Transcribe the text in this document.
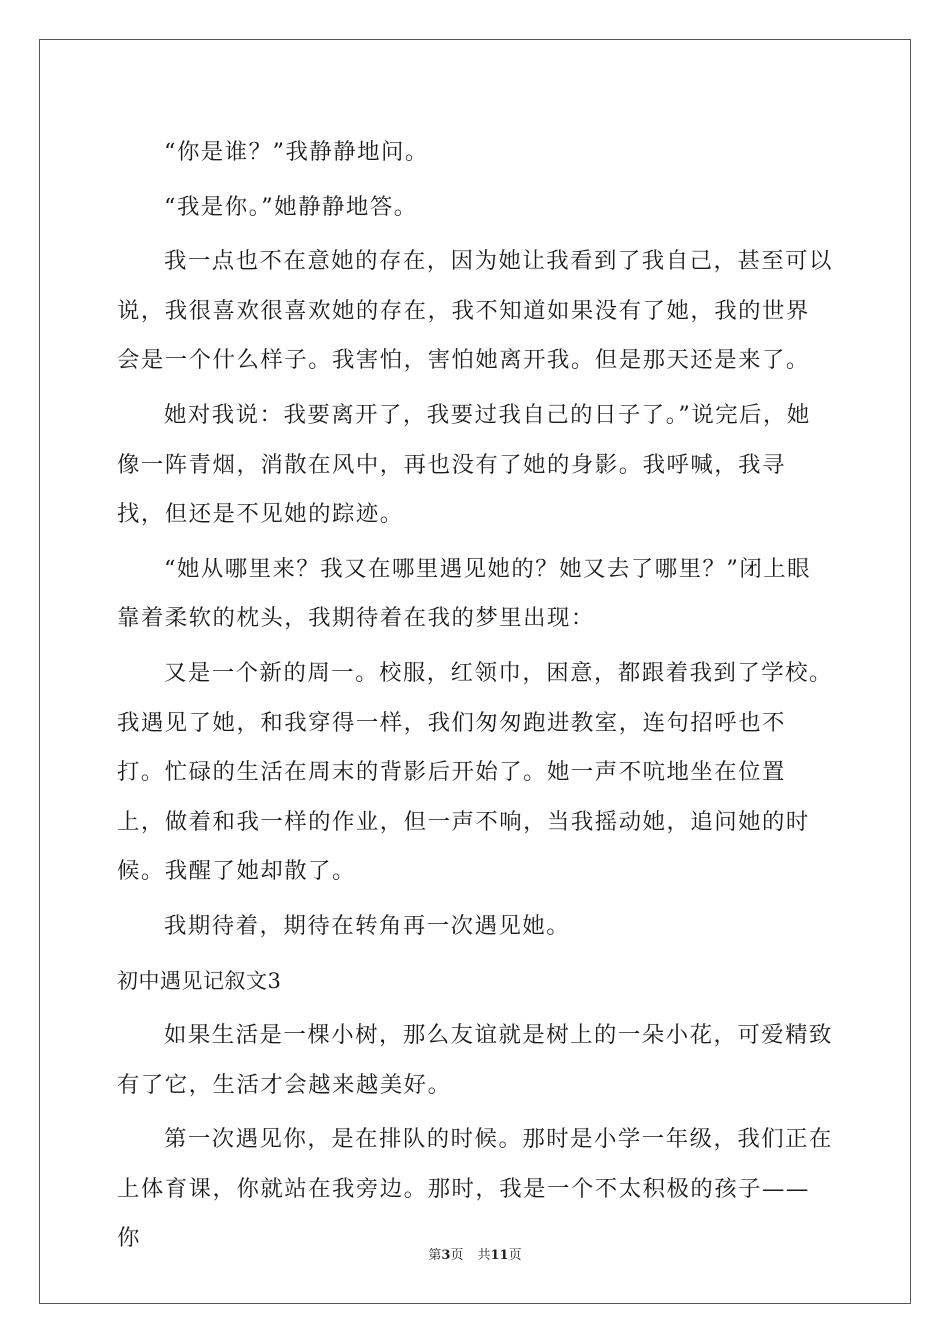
“你是谁？”我静静地问。

“我是你。”她静静地答。

我一点也不在意她的存在，因为她让我看到了我自己，甚至可以说，我很喜欢很喜欢她的存在，我不知道如果没有了她，我的世界会是一个什么样子。我害怕，害怕她离开我。但是那天还是来了。

她对我说：我要离开了，我要过我自己的日子了。”说完后，她像一阵青烟，消散在风中，再也没有了她的身影。我呼喊，我寻找，但还是不见她的踪迹。

“她从哪里来？我又在哪里遇见她的？她又去了哪里？”闭上眼靠着柔软的枕头，我期待着在我的梦里出现：

又是一个新的周一。校服，红领巾，困意，都跟着我到了学校。我遇见了她，和我穿得一样，我们匆匆跑进教室，连句招呼也不打。忙碌的生活在周末的背影后开始了。她一声不吭地坐在位置上，做着和我一样的作业，但一声不响，当我摇动她，追问她的时候。我醒了她却散了。

我期待着，期待在转角再一次遇见她。

初中遇见记叙文3

如果生活是一棵小树，那么友谊就是树上的一朵小花，可爱精致有了它，生活才会越来越美好。

第一次遇见你，是在排队的时候。那时是小学一年级，我们正在上体育课，你就站在我旁边。那时，我是一个不太积极的孩子——你

第3页 共11页
